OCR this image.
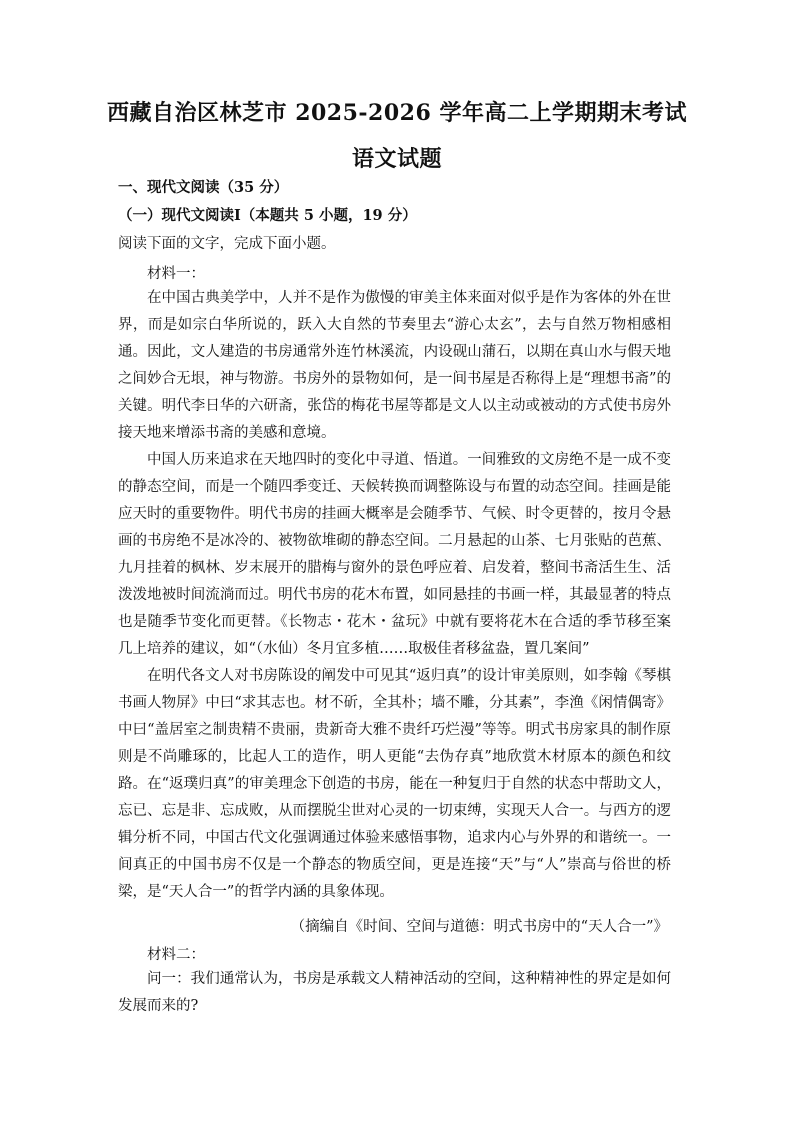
西藏自治区林芝市 2025-2026 学年高二上学期期末考试
语文试题
一、现代文阅读（35 分）
（一）现代文阅读Ⅰ（本题共 5 小题，19 分）
阅读下面的文字，完成下面小题。
材料一：

在中国古典美学中，人并不是作为傲慢的审美主体来面对似乎是作为客体的外在世界，而是如宗白华所说的，跃入大自然的节奏里去“游心太玄”，去与自然万物相感相通。因此，文人建造的书房通常外连竹林溪流，内设砚山蒲石，以期在真山水与假天地之间妙合无垠，神与物游。书房外的景物如何，是一间书屋是否称得上是“理想书斋”的关键。明代李日华的六研斋，张岱的梅花书屋等都是文人以主动或被动的方式使书房外接天地来增添书斋的美感和意境。

中国人历来追求在天地四时的变化中寻道、悟道。一间雅致的文房绝不是一成不变的静态空间，而是一个随四季变迁、天候转换而调整陈设与布置的动态空间。挂画是能应天时的重要物件。明代书房的挂画大概率是会随季节、气候、时令更替的，按月令悬画的书房绝不是冰冷的、被物欲堆砌的静态空间。二月悬起的山茶、七月张贴的芭蕉、九月挂着的枫林、岁末展开的腊梅与窗外的景色呼应着、启发着，整间书斋活生生、活泼泼地被时间流淌而过。明代书房的花木布置，如同悬挂的书画一样，其最显著的特点也是随季节变化而更替。《长物志・花木・盆玩》中就有要将花木在合适的季节移至案几上培养的建议，如“（水仙）冬月宜多植……取极佳者移盆盎，置几案间”

在明代各文人对书房陈设的阐发中可见其“返归真”的设计审美原则，如李翰《琴棋书画人物屏》中曰“求其志也。材不斫，全其朴；墙不雕，分其素”，李渔《闲情偶寄》中曰“盖居室之制贵精不贵丽，贵新奇大雅不贵纤巧烂漫”等等。明式书房家具的制作原则是不尚雕琢的，比起人工的造作，明人更能“去伪存真”地欣赏木材原本的颜色和纹路。在“返璞归真”的审美理念下创造的书房，能在一种复归于自然的状态中帮助文人，忘已、忘是非、忘成败，从而摆脱尘世对心灵的一切束缚，实现天人合一。与西方的逻辑分析不同，中国古代文化强调通过体验来感悟事物，追求内心与外界的和谐统一。一间真正的中国书房不仅是一个静态的物质空间，更是连接“天”与“人”崇高与俗世的桥梁，是“天人合一”的哲学内涵的具象体现。

（摘编自《时间、空间与道德：明式书房中的“天人合一”》
材料二：

问一：我们通常认为，书房是承载文人精神活动的空间，这种精神性的界定是如何发展而来的?
